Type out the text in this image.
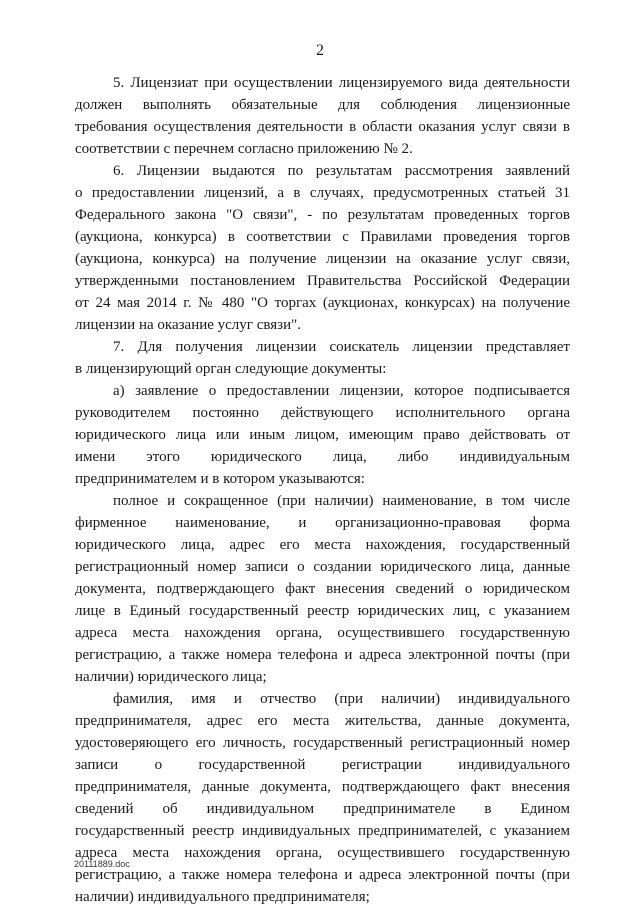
2
5. Лицензиат при осуществлении лицензируемого вида деятельности
должен выполнять обязательные для соблюдения лицензионные
требования осуществления деятельности в области оказания услуг связи в
соответствии с перечнем согласно приложению № 2.
6. Лицензии выдаются по результатам рассмотрения заявлений
о предоставлении лицензий, а в случаях, предусмотренных статьей 31
Федерального закона "О связи", - по результатам проведенных торгов
(аукциона, конкурса) в соответствии с Правилами проведения торгов
(аукциона, конкурса) на получение лицензии на оказание услуг связи,
утвержденными постановлением Правительства Российской Федерации
от 24 мая 2014 г. № 480 "О торгах (аукционах, конкурсах) на получение
лицензии на оказание услуг связи".
7. Для получения лицензии соискатель лицензии представляет
в лицензирующий орган следующие документы:
а) заявление о предоставлении лицензии, которое подписывается
руководителем постоянно действующего исполнительного органа
юридического лица или иным лицом, имеющим право действовать от
имени этого юридического лица, либо индивидуальным
предпринимателем и в котором указываются:
полное и сокращенное (при наличии) наименование, в том числе
фирменное наименование, и организационно-правовая форма
юридического лица, адрес его места нахождения, государственный
регистрационный номер записи о создании юридического лица, данные
документа, подтверждающего факт внесения сведений о юридическом
лице в Единый государственный реестр юридических лиц, с указанием
адреса места нахождения органа, осуществившего государственную
регистрацию, а также номера телефона и адреса электронной почты (при
наличии) юридического лица;
фамилия, имя и отчество (при наличии) индивидуального
предпринимателя, адрес его места жительства, данные документа,
удостоверяющего его личность, государственный регистрационный номер
записи о государственной регистрации индивидуального
предпринимателя, данные документа, подтверждающего факт внесения
сведений об индивидуальном предпринимателе в Едином
государственный реестр индивидуальных предпринимателей, с указанием
адреса места нахождения органа, осуществившего государственную
регистрацию, а также номера телефона и адреса электронной почты (при
наличии) индивидуального предпринимателя;
20111889.doc
